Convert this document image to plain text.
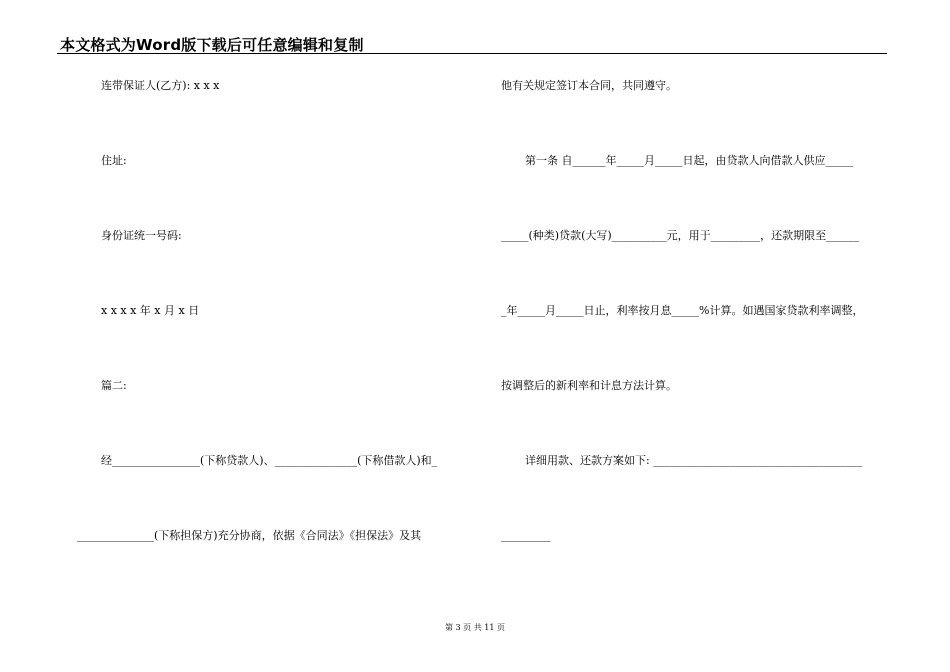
本文格式为Word版下载后可任意编辑和复制
连带保证人(乙方): x x x
住址:
身份证统一号码:
x x x x 年 x 月 x 日
篇二:
经________________(下称贷款人)、_______________(下称借款人)和_
______________(下称担保方)充分协商，依据《合同法》《担保法》及其
他有关规定签订本合同，共同遵守。
第一条 自______年_____月_____日起，由贷款人向借款人供应_____
_____(种类)贷款(大写)__________元，用于_________，还款期限至______
_年_____月_____日止，利率按月息_____%计算。如遇国家贷款利率调整，
按调整后的新利率和计息方法计算。
详细用款、还款方案如下: ______________________________________
_________
第 3 页 共 11 页
